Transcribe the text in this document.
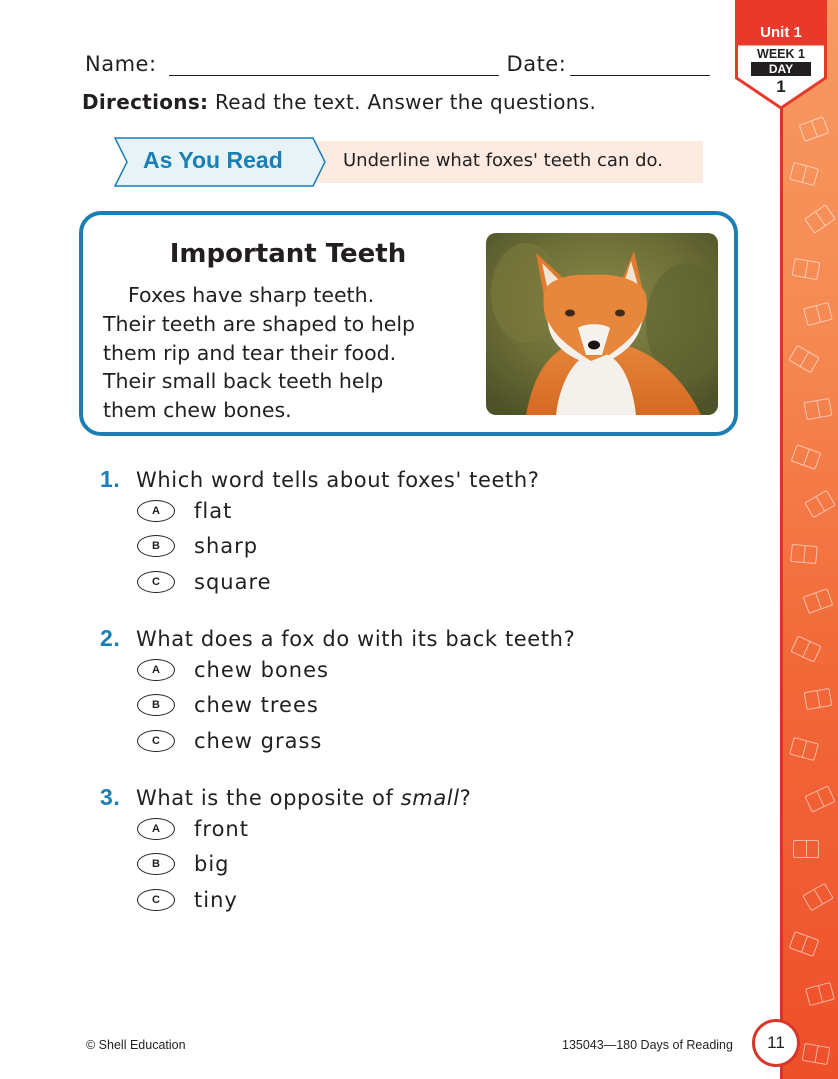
Unit 1
WEEK 1
DAY
1
Name:	Date:
Directions: Read the text. Answer the questions.
As You Read	Underline what foxes' teeth can do.
Important Teeth
Foxes have sharp teeth.
Their teeth are shaped to help
them rip and tear their food.
Their small back teeth help
them chew bones.
1. Which word tells about foxes' teeth?
A	flat
B	sharp
C	square
2. What does a fox do with its back teeth?
A	chew bones
B	chew trees
C	chew grass
3. What is the opposite of small?
A	front
B	big
C	tiny
© Shell Education	135043—180 Days of Reading	11
